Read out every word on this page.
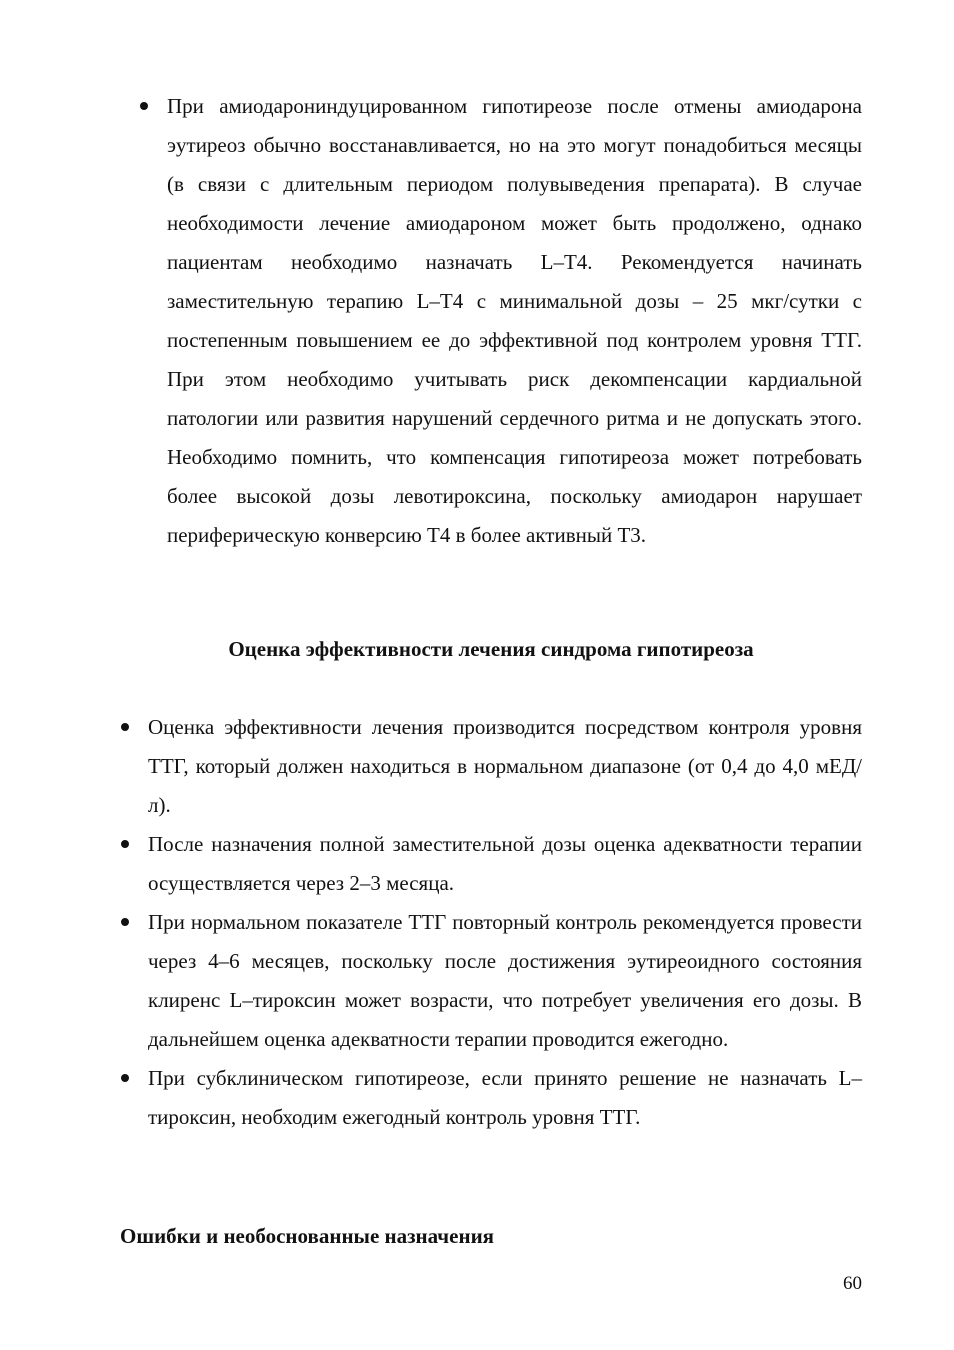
При амиодарониндуцированном гипотиреозе после отмены амиодарона эутиреоз обычно восстанавливается, но на это могут понадобиться месяцы (в связи с длительным периодом полувыведения препарата). В случае необходимости лечение амиодароном может быть продолжено, однако пациентам необходимо назначать L–T4. Рекомендуется начинать заместительную терапию L–T4 с минимальной дозы – 25 мкг/сутки с постепенным повышением ее до эффективной под контролем уровня ТТГ. При этом необходимо учитывать риск декомпенсации кардиальной патологии или развития нарушений сердечного ритма и не допускать этого. Необходимо помнить, что компенсация гипотиреоза может потребовать более высокой дозы левотироксина, поскольку амиодарон нарушает периферическую конверсию T4 в более активный T3.
Оценка эффективности лечения синдрома гипотиреоза
Оценка эффективности лечения производится посредством контроля уровня ТТГ, который должен находиться в нормальном диапазоне (от 0,4 до 4,0 мЕД/л).
После назначения полной заместительной дозы оценка адекватности терапии осуществляется через 2–3 месяца.
При нормальном показателе ТТГ повторный контроль рекомендуется провести через 4–6 месяцев, поскольку после достижения эутиреоидного состояния клиренс L–тироксин может возрасти, что потребует увеличения его дозы. В дальнейшем оценка адекватности терапии проводится ежегодно.
При субклиническом гипотиреозе, если принято решение не назначать L–тироксин, необходим ежегодный контроль уровня ТТГ.
Ошибки и необоснованные назначения
60
